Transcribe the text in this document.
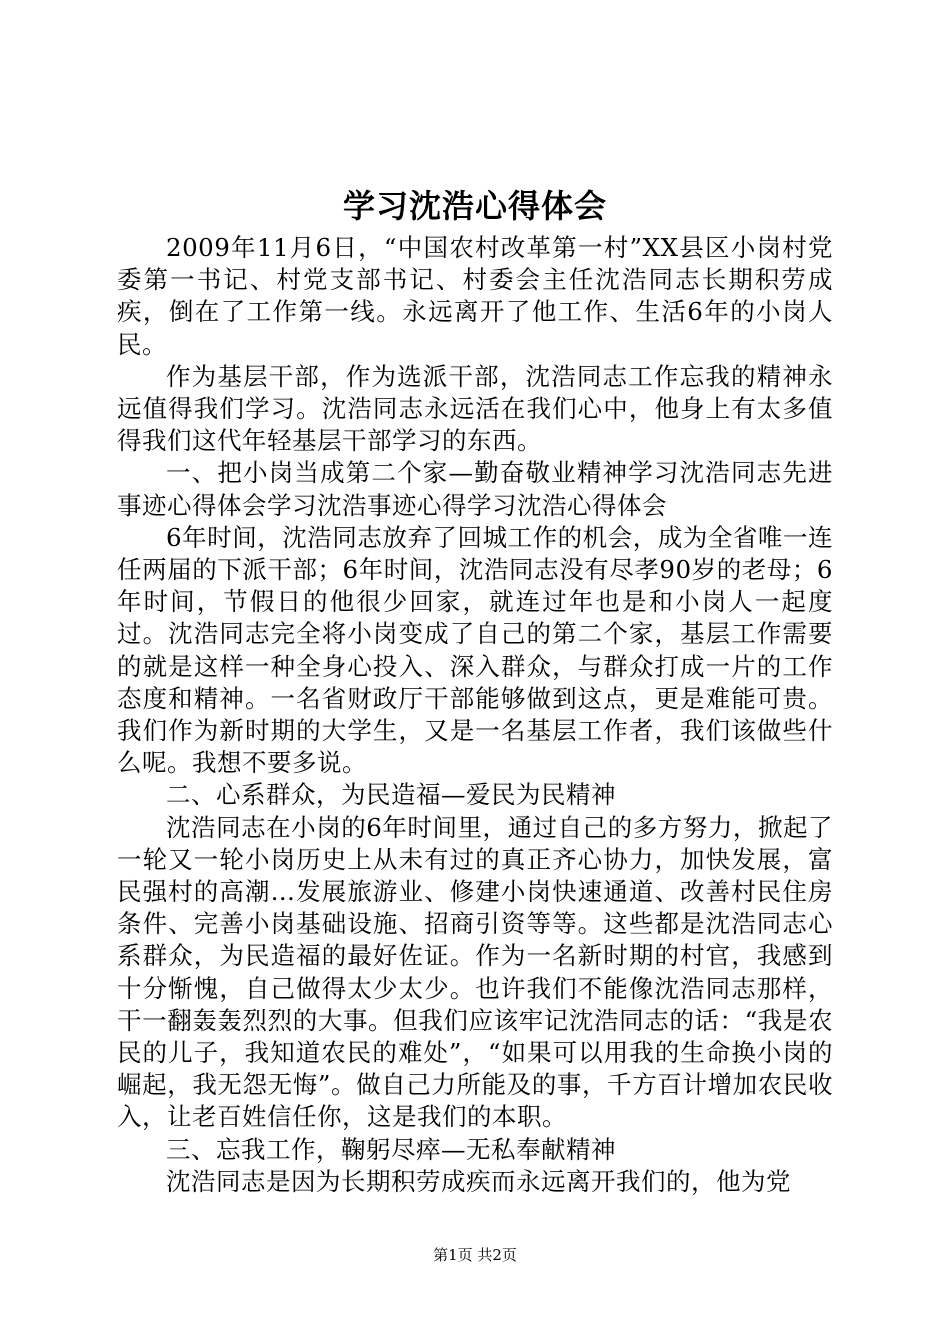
学习沈浩心得体会

2009年11月6日，“中国农村改革第一村”XX县区小岗村党委第一书记、村党支部书记、村委会主任沈浩同志长期积劳成疾，倒在了工作第一线。永远离开了他工作、生活6年的小岗人民。

作为基层干部，作为选派干部，沈浩同志工作忘我的精神永远值得我们学习。沈浩同志永远活在我们心中，他身上有太多值得我们这代年轻基层干部学习的东西。

一、把小岗当成第二个家—勤奋敬业精神学习沈浩同志先进事迹心得体会学习沈浩事迹心得学习沈浩心得体会

6年时间，沈浩同志放弃了回城工作的机会，成为全省唯一连任两届的下派干部；6年时间，沈浩同志没有尽孝90岁的老母；6年时间，节假日的他很少回家，就连过年也是和小岗人一起度过。沈浩同志完全将小岗变成了自己的第二个家，基层工作需要的就是这样一种全身心投入、深入群众，与群众打成一片的工作态度和精神。一名省财政厅干部能够做到这点，更是难能可贵。我们作为新时期的大学生，又是一名基层工作者，我们该做些什么呢。我想不要多说。

二、心系群众，为民造福—爱民为民精神

沈浩同志在小岗的6年时间里，通过自己的多方努力，掀起了一轮又一轮小岗历史上从未有过的真正齐心协力，加快发展，富民强村的高潮…发展旅游业、修建小岗快速通道、改善村民住房条件、完善小岗基础设施、招商引资等等。这些都是沈浩同志心系群众，为民造福的最好佐证。作为一名新时期的村官，我感到十分惭愧，自己做得太少太少。也许我们不能像沈浩同志那样，干一翻轰轰烈烈的大事。但我们应该牢记沈浩同志的话：“我是农民的儿子，我知道农民的难处”，“如果可以用我的生命换小岗的崛起，我无怨无悔”。做自己力所能及的事，千方百计增加农民收入，让老百姓信任你，这是我们的本职。

三、忘我工作，鞠躬尽瘁—无私奉献精神

沈浩同志是因为长期积劳成疾而永远离开我们的，他为党

第1页 共2页
